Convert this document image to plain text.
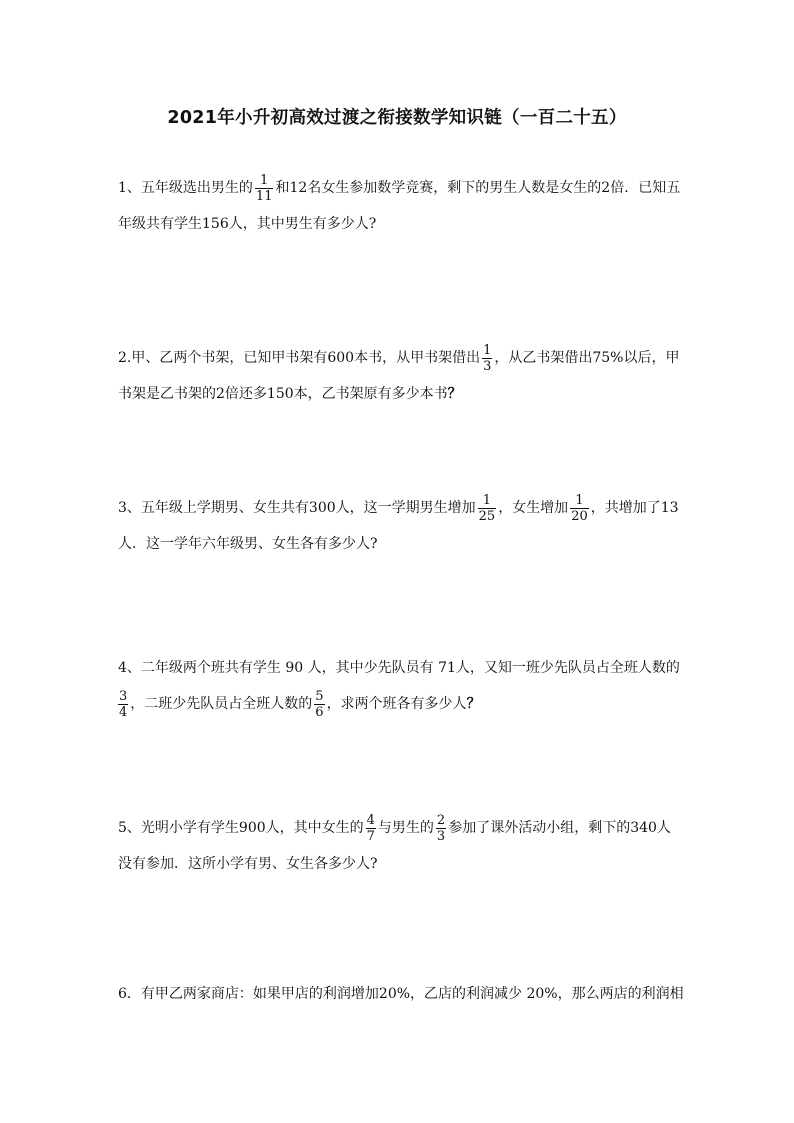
2021年小升初高效过渡之衔接数学知识链（一百二十五）
1、五年级选出男生的 $\frac{1}{11}$ 和12名女生参加数学竞赛，剩下的男生人数是女生的2倍．已知五
年级共有学生156人，其中男生有多少人?
2.甲、乙两个书架，已知甲书架有600本书，从甲书架借出 $\frac{1}{3}$ ，从乙书架借出75%以后，甲
书架是乙书架的2倍还多150本，乙书架原有多少本书 ？
3、五年级上学期男、女生共有300人，这一学期男生增加 $\frac{1}{25}$ ，女生增加 $\frac{1}{20}$ ，共增加了13
人．这一学年六年级男、女生各有多少人?
4、二年级两个班共有学生 90 人，其中少先队员有 71人，又知一班少先队员占全班人数的
$\frac{3}{4}$ ，二班少先队员占全班人数的 $\frac{5}{6}$ ，求两个班各有多少人 ？
5、光明小学有学生900人，其中女生的 $\frac{4}{7}$ 与男生的 $\frac{2}{3}$ 参加了课外活动小组，剩下的340人
没有参加．这所小学有男、女生各多少人?
6．有甲乙两家商店：如果甲店的利润增加20%，乙店的利润减少 20%，那么两店的利润相
